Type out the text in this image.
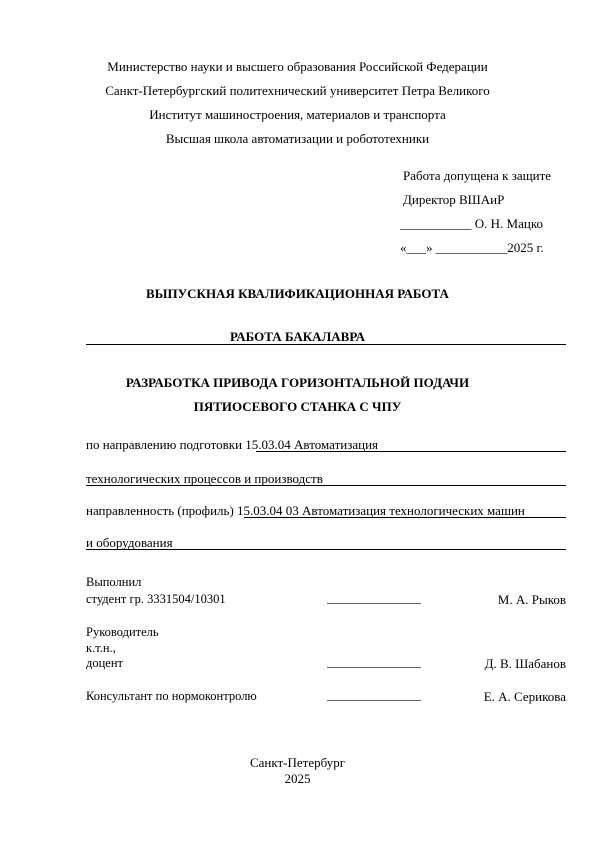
Министерство науки и высшего образования Российской Федерации
Санкт-Петербургский политехнический университет Петра Великого
Институт машиностроения, материалов и транспорта
Высшая школа автоматизации и робототехники
Работа допущена к защите
Директор ВШАиР
___________ О. Н. Мацко
«___» ___________2025 г.
ВЫПУСКНАЯ КВАЛИФИКАЦИОННАЯ РАБОТА
РАБОТА БАКАЛАВРА
РАЗРАБОТКА ПРИВОДА ГОРИЗОНТАЛЬНОЙ ПОДАЧИ
ПЯТИОСЕВОГО СТАНКА С ЧПУ
по направлению подготовки 15.03.04 Автоматизация
технологических процессов и производств
направленность (профиль) 15.03.04 03 Автоматизация технологических машин
и оборудования
Выполнил
студент гр. 3331504/10301	_______________	М. А. Рыков
Руководитель
к.т.н.,
доцент	_______________	Д. В. Шабанов
Консультант по нормоконтролю	_______________	Е. А. Серикова
Санкт-Петербург
2025
